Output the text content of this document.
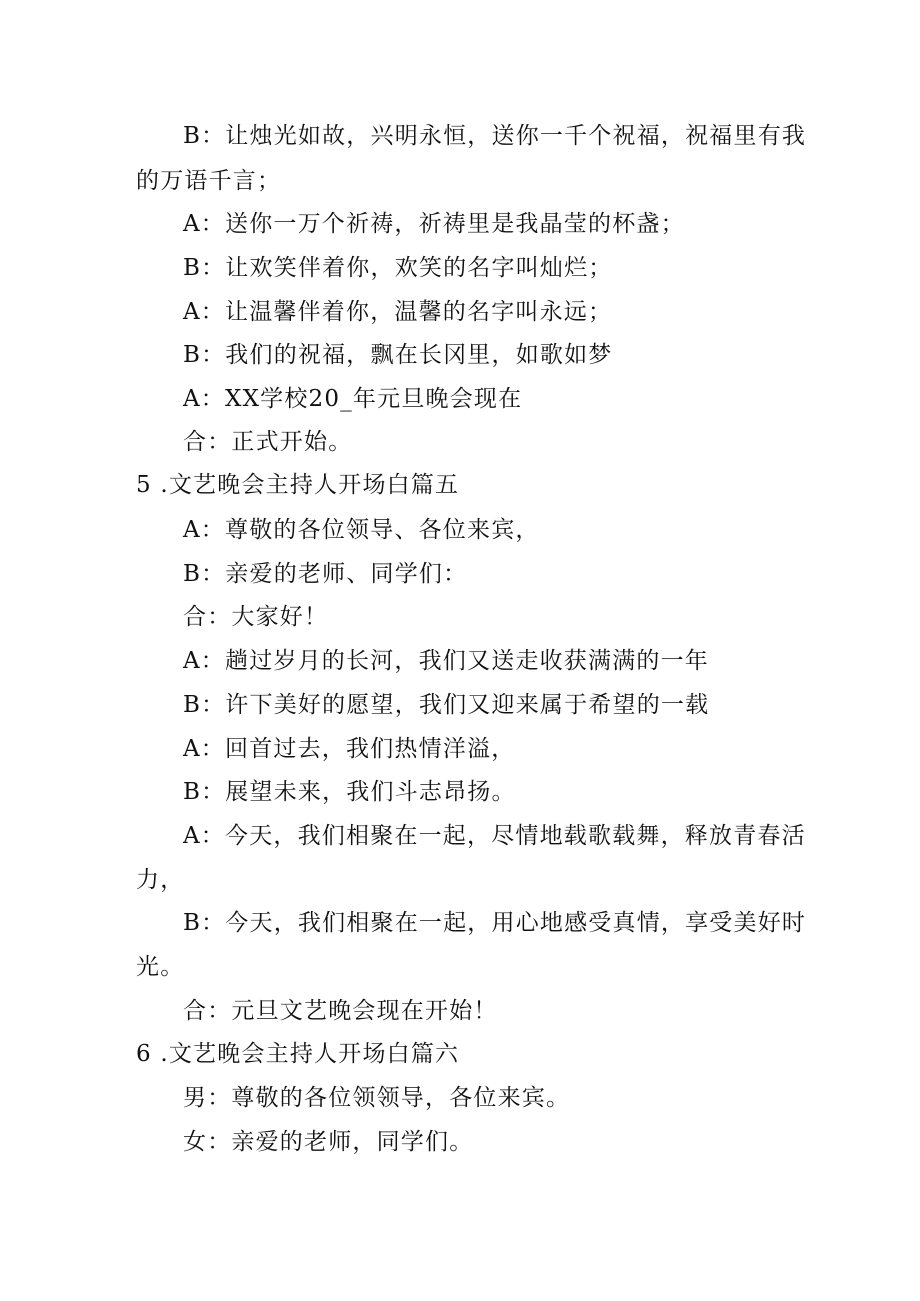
B：让烛光如故，兴明永恒，送你一千个祝福，祝福里有我
的万语千言；
A：送你一万个祈祷，祈祷里是我晶莹的杯盏；
B：让欢笑伴着你，欢笑的名字叫灿烂；
A：让温馨伴着你，温馨的名字叫永远；
B：我们的祝福，飘在长冈里，如歌如梦
A：XX学校20_年元旦晚会现在
合：正式开始。
5 .文艺晚会主持人开场白篇五
A：尊敬的各位领导、各位来宾，
B：亲爱的老师、同学们：
合：大家好！
A：趟过岁月的长河，我们又送走收获满满的一年
B：许下美好的愿望，我们又迎来属于希望的一载
A：回首过去，我们热情洋溢，
B：展望未来，我们斗志昂扬。
A：今天，我们相聚在一起，尽情地载歌载舞，释放青春活
力，
B：今天，我们相聚在一起，用心地感受真情，享受美好时
光。
合：元旦文艺晚会现在开始！
6 .文艺晚会主持人开场白篇六
男：尊敬的各位领领导，各位来宾。
女：亲爱的老师，同学们。
